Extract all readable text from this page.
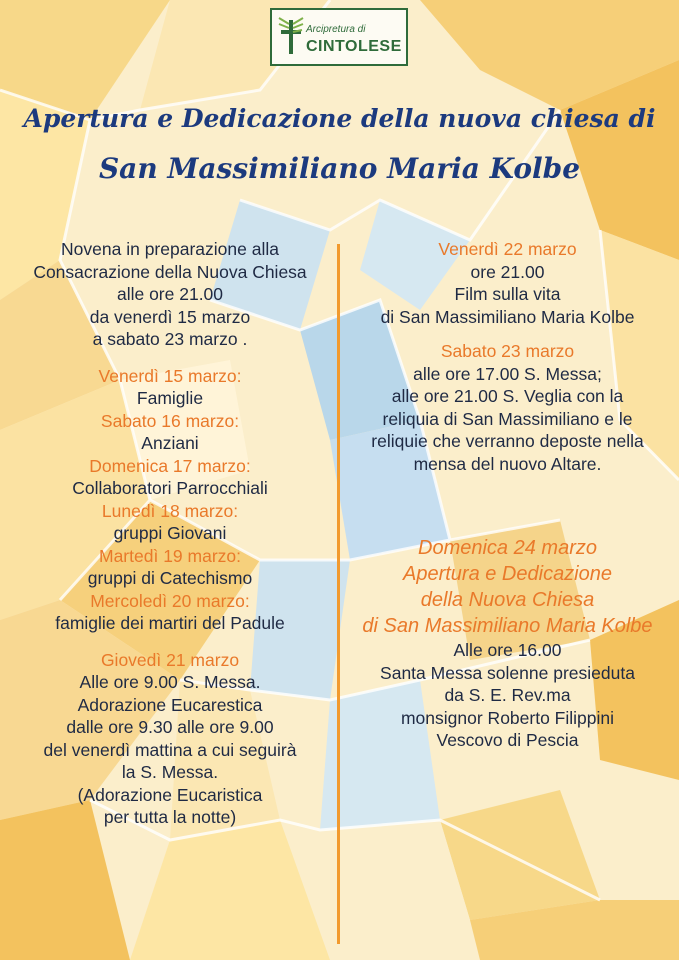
Arcipretura di
CINTOLESE
Apertura e Dedicazione della nuova chiesa di
San Massimiliano Maria Kolbe
Novena in preparazione alla
Consacrazione della Nuova Chiesa
alle ore 21.00
da venerdì 15 marzo
a sabato 23 marzo .
Venerdì 15 marzo:
Famiglie
Sabato 16 marzo:
Anziani
Domenica 17 marzo:
Collaboratori Parrocchiali
Lunedì 18 marzo:
gruppi Giovani
Martedì 19 marzo:
gruppi di Catechismo
Mercoledì 20 marzo:
famiglie dei martiri del Padule
Giovedì 21 marzo
Alle ore 9.00 S. Messa.
Adorazione Eucarestica
dalle ore 9.30 alle ore 9.00
del venerdì mattina a cui seguirà
la S. Messa.
(Adorazione Eucaristica
per tutta la notte)
Venerdì 22 marzo
ore 21.00
Film sulla vita
di San Massimiliano Maria Kolbe
Sabato 23 marzo
alle ore 17.00 S. Messa;
alle ore 21.00 S. Veglia con la
reliquia di San Massimiliano e le
reliquie che verranno deposte nella
mensa del nuovo Altare.
Domenica 24 marzo
Apertura e Dedicazione
della Nuova Chiesa
di San Massimiliano Maria Kolbe
Alle ore 16.00
Santa Messa solenne presieduta
da S. E. Rev.ma
monsignor Roberto Filippini
Vescovo di Pescia
